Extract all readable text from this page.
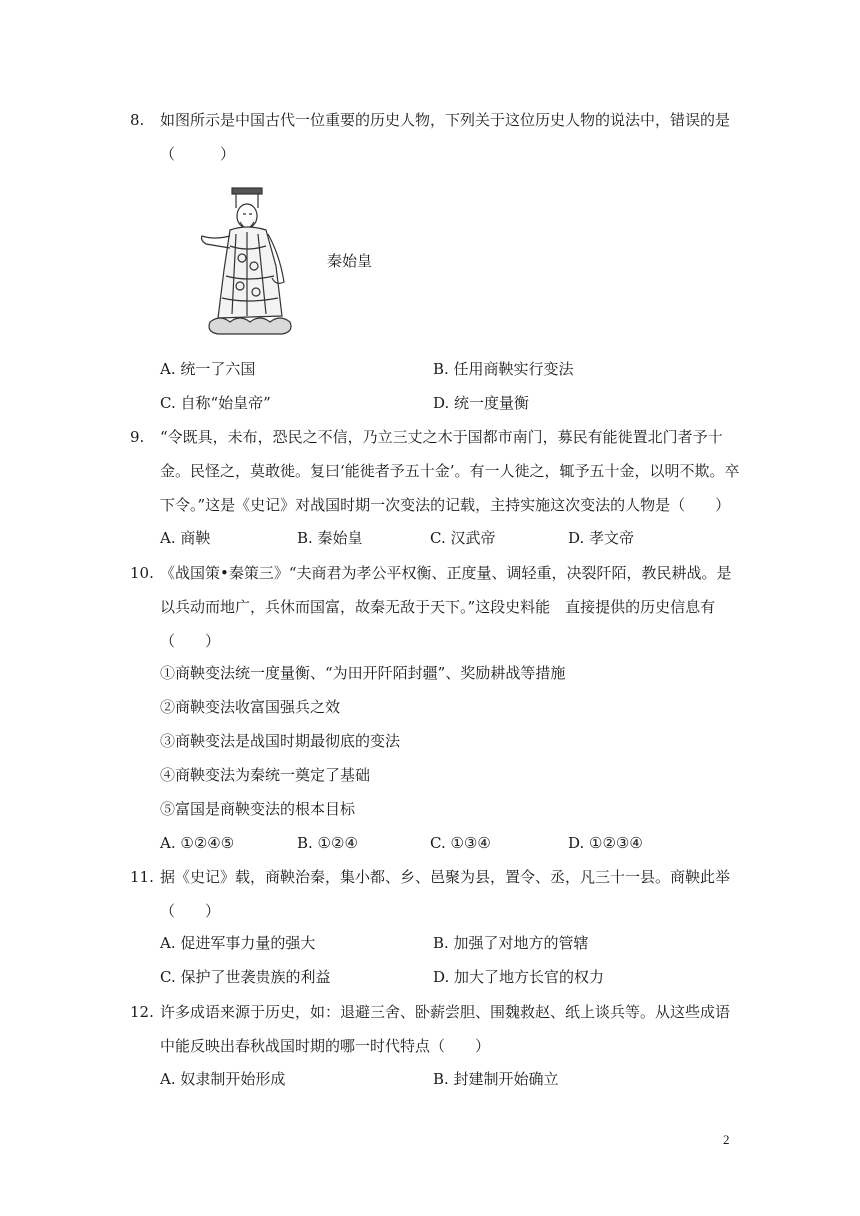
8.	如图所示是中国古代一位重要的历史人物，下列关于这位历史人物的说法中，错误的是（　　　）
秦始皇
A. 统一了六国	B. 任用商鞅实行变法
C. 自称“始皇帝”	D. 统一度量衡
9.	“令既具，未布，恐民之不信，乃立三丈之木于国都市南门，募民有能徙置北门者予十金。民怪之，莫敢徙。复曰‘能徙者予五十金’。有一人徙之，辄予五十金，以明不欺。卒下令。”这是《史记》对战国时期一次变法的记载，主持实施这次变法的人物是（　　）
A. 商鞅	B. 秦始皇	C. 汉武帝	D. 孝文帝
10. 《战国策•秦策三》“夫商君为孝公平权衡、正度量、调轻重，决裂阡陌，教民耕战。是以兵动而地广，兵休而国富，故秦无敌于天下。”这段史料能　直接提供的历史信息有（　　）
①商鞅变法统一度量衡、“为田开阡陌封疆”、奖励耕战等措施
②商鞅变法收富国强兵之效
③商鞅变法是战国时期最彻底的变法
④商鞅变法为秦统一奠定了基础
⑤富国是商鞅变法的根本目标
A. ①②④⑤	B. ①②④	C. ①③④	D. ①②③④
11. 据《史记》载，商鞅治秦，集小都、乡、邑聚为县，置令、丞，凡三十一县。商鞅此举（　　）
A. 促进军事力量的强大	B. 加强了对地方的管辖
C. 保护了世袭贵族的利益	D. 加大了地方长官的权力
12. 许多成语来源于历史，如：退避三舍、卧薪尝胆、围魏救赵、纸上谈兵等。从这些成语中能反映出春秋战国时期的哪一时代特点（　　）
A. 奴隶制开始形成	B. 封建制开始确立
2
